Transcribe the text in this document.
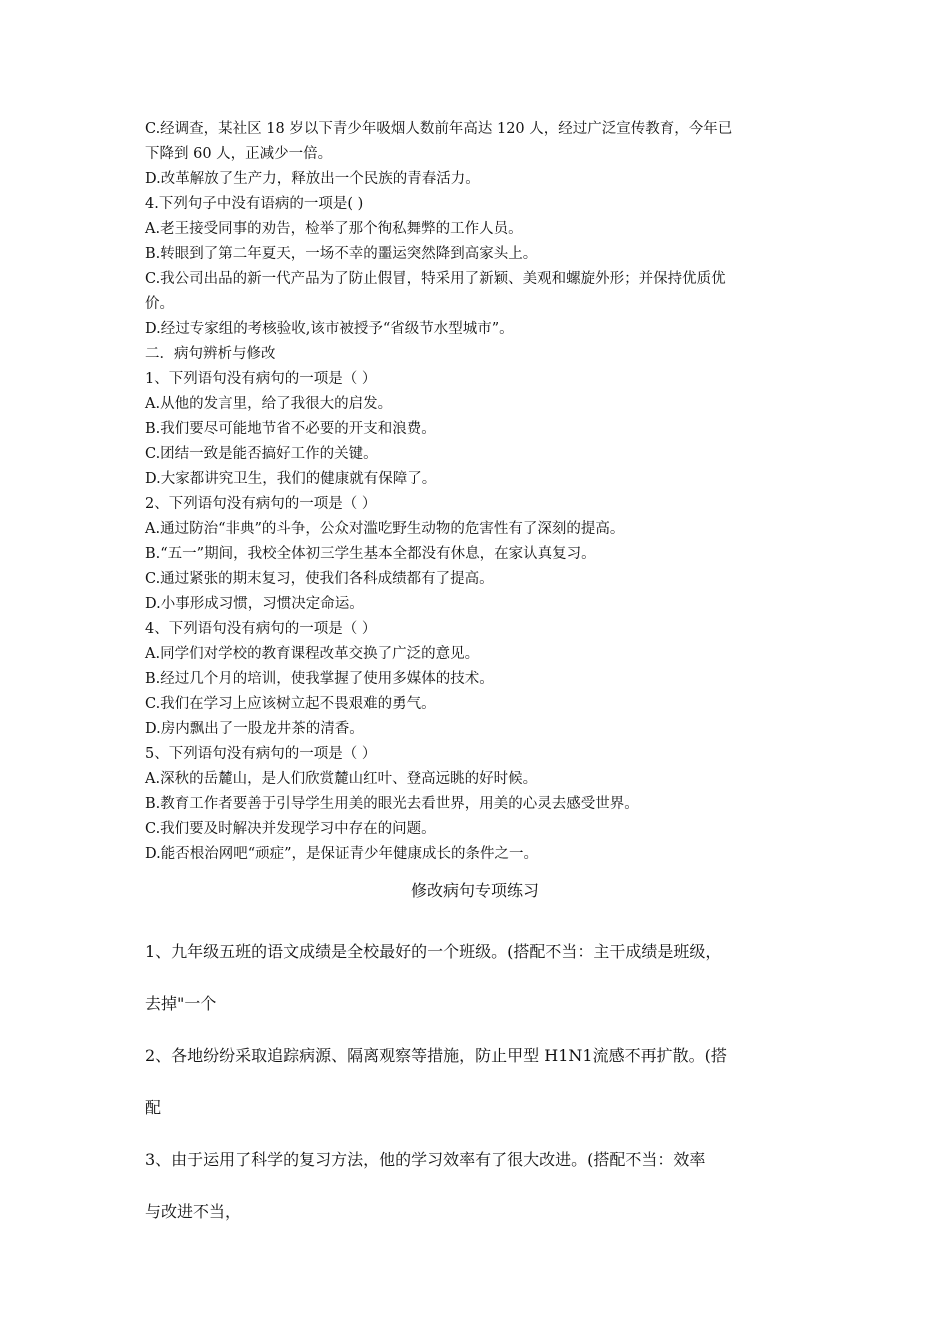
C.经调查，某社区 18 岁以下青少年吸烟人数前年高达 120 人，经过广泛宣传教育，今年已
下降到 60 人，正减少一倍。
D.改革解放了生产力，释放出一个民族的青春活力。
4.下列句子中没有语病的一项是( )
A.老王接受同事的劝告，检举了那个徇私舞弊的工作人员。
B.转眼到了第二年夏天，一场不幸的噩运突然降到高家头上。
C.我公司出品的新一代产品为了防止假冒，特采用了新颖、美观和螺旋外形；并保持优质优
价。
D.经过专家组的考核验收,该市被授予“省级节水型城市”。
二．病句辨析与修改
1、下列语句没有病句的一项是（ ）
A.从他的发言里，给了我很大的启发。
B.我们要尽可能地节省不必要的开支和浪费。
C.团结一致是能否搞好工作的关键。
D.大家都讲究卫生，我们的健康就有保障了。
2、下列语句没有病句的一项是（ ）
A.通过防治“非典”的斗争，公众对滥吃野生动物的危害性有了深刻的提高。
B.“五一”期间，我校全体初三学生基本全都没有休息，在家认真复习。
C.通过紧张的期末复习，使我们各科成绩都有了提高。
D.小事形成习惯，习惯决定命运。
4、下列语句没有病句的一项是（ ）
A.同学们对学校的教育课程改革交换了广泛的意见。
B.经过几个月的培训，使我掌握了使用多媒体的技术。
C.我们在学习上应该树立起不畏艰难的勇气。
D.房内飘出了一股龙井茶的清香。
5、下列语句没有病句的一项是（ ）
A.深秋的岳麓山，是人们欣赏麓山红叶、登高远眺的好时候。
B.教育工作者要善于引导学生用美的眼光去看世界，用美的心灵去感受世界。
C.我们要及时解决并发现学习中存在的问题。
D.能否根治网吧“顽症”，是保证青少年健康成长的条件之一。
修改病句专项练习
1、九年级五班的语文成绩是全校最好的一个班级。(搭配不当：主干成绩是班级，
去掉"一个
2、各地纷纷采取追踪病源、隔离观察等措施，防止甲型 H1N1流感不再扩散。(搭
配
3、由于运用了科学的复习方法，他的学习效率有了很大改进。(搭配不当：效率
与改进不当，
